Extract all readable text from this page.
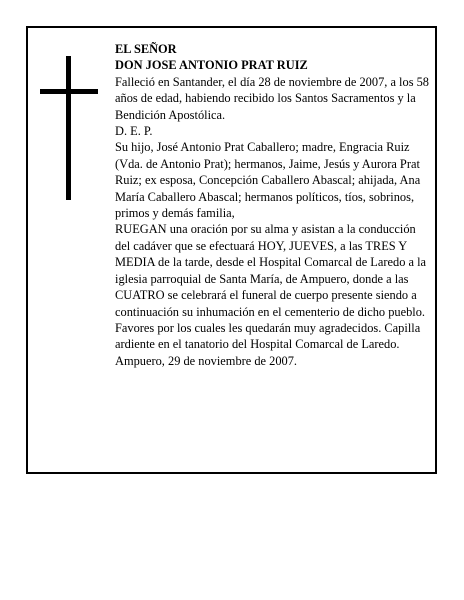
EL SEÑOR

DON JOSE ANTONIO PRAT RUIZ

Falleció en Santander, el día 28 de noviembre de 2007, a los 58 años de edad, habiendo recibido los Santos Sacramentos y la Bendición Apostólica.

D. E. P.

Su hijo, José Antonio Prat Caballero; madre, Engracia Ruiz (Vda. de Antonio Prat); hermanos, Jaime, Jesús y Aurora Prat Ruiz; ex esposa, Concepción Caballero Abascal; ahijada, Ana María Caballero Abascal; hermanos políticos, tíos, sobrinos, primos y demás familia,

RUEGAN una oración por su alma y asistan a la conducción del cadáver que se efectuará HOY, JUEVES, a las TRES Y MEDIA de la tarde, desde el Hospital Comarcal de Laredo a la iglesia parroquial de Santa María, de Ampuero, donde a las CUATRO se celebrará el funeral de cuerpo presente siendo a continuación su inhumación en el cementerio de dicho pueblo. Favores por los cuales les quedarán muy agradecidos. Capilla ardiente en el tanatorio del Hospital Comarcal de Laredo.

Ampuero, 29 de noviembre de 2007.
